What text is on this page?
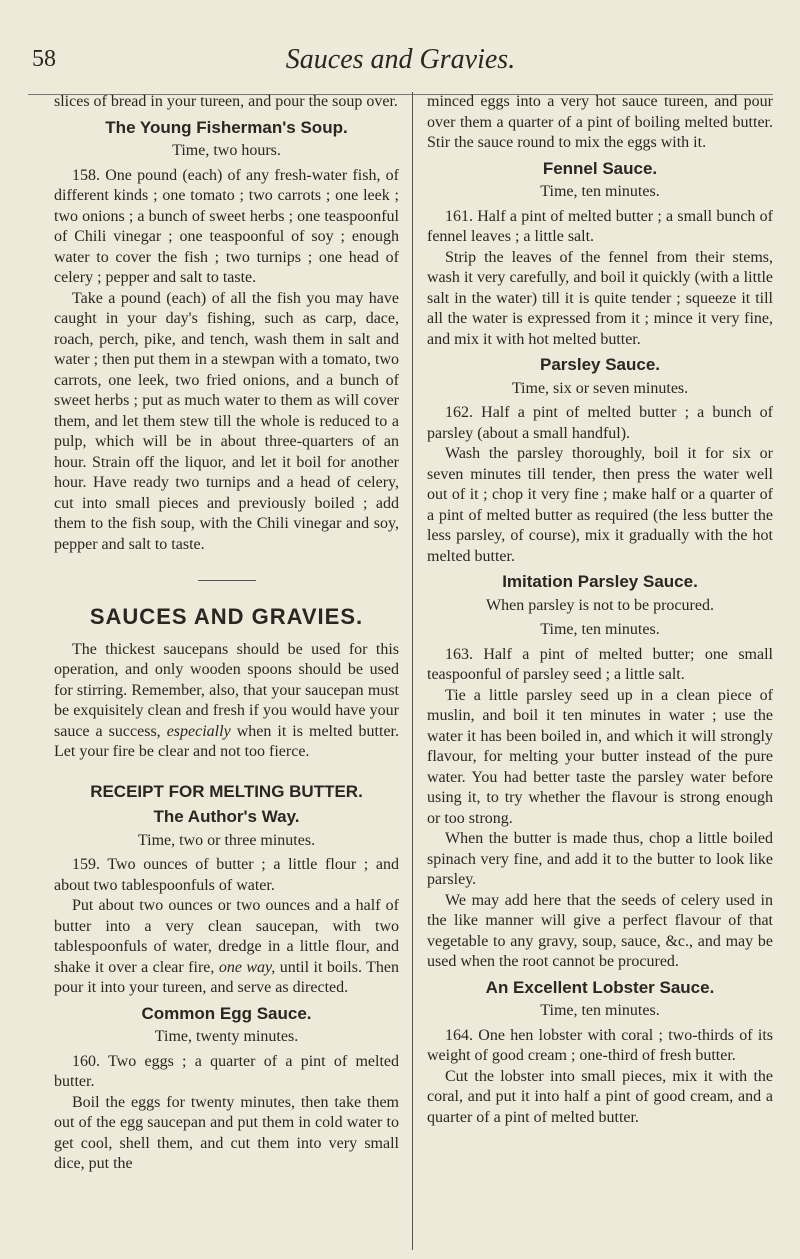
58	Sauces and Gravies.

slices of bread in your tureen, and pour the soup over.

The Young Fisherman's Soup.
Time, two hours.

158. One pound (each) of any fresh-water fish, of different kinds ; one tomato ; two carrots ; one leek ; two onions ; a bunch of sweet herbs ; one teaspoonful of Chili vinegar ; one teaspoonful of soy ; enough water to cover the fish ; two turnips ; one head of celery ; pepper and salt to taste.

Take a pound (each) of all the fish you may have caught in your day's fishing, such as carp, dace, roach, perch, pike, and tench, wash them in salt and water ; then put them in a stewpan with a tomato, two carrots, one leek, two fried onions, and a bunch of sweet herbs ; put as much water to them as will cover them, and let them stew till the whole is reduced to a pulp, which will be in about three-quarters of an hour. Strain off the liquor, and let it boil for another hour. Have ready two turnips and a head of celery, cut into small pieces and previously boiled ; add them to the fish soup, with the Chili vinegar and soy, pepper and salt to taste.

SAUCES AND GRAVIES.

The thickest saucepans should be used for this operation, and only wooden spoons should be used for stirring. Remember, also, that your saucepan must be exquisitely clean and fresh if you would have your sauce a success, especially when it is melted butter. Let your fire be clear and not too fierce.

RECEIPT FOR MELTING BUTTER.
The Author's Way.
Time, two or three minutes.

159. Two ounces of butter ; a little flour ; and about two tablespoonfuls of water.

Put about two ounces or two ounces and a half of butter into a very clean saucepan, with two tablespoonfuls of water, dredge in a little flour, and shake it over a clear fire, one way, until it boils. Then pour it into your tureen, and serve as directed.

Common Egg Sauce.
Time, twenty minutes.

160. Two eggs ; a quarter of a pint of melted butter.

Boil the eggs for twenty minutes, then take them out of the egg saucepan and put them in cold water to get cool, shell them, and cut them into very small dice, put the

minced eggs into a very hot sauce tureen, and pour over them a quarter of a pint of boiling melted butter. Stir the sauce round to mix the eggs with it.

Fennel Sauce.
Time, ten minutes.

161. Half a pint of melted butter ; a small bunch of fennel leaves ; a little salt.

Strip the leaves of the fennel from their stems, wash it very carefully, and boil it quickly (with a little salt in the water) till it is quite tender ; squeeze it till all the water is expressed from it ; mince it very fine, and mix it with hot melted butter.

Parsley Sauce.
Time, six or seven minutes.

162. Half a pint of melted butter ; a bunch of parsley (about a small handful).

Wash the parsley thoroughly, boil it for six or seven minutes till tender, then press the water well out of it ; chop it very fine ; make half or a quarter of a pint of melted butter as required (the less butter the less parsley, of course), mix it gradually with the hot melted butter.

Imitation Parsley Sauce.
When parsley is not to be procured.
Time, ten minutes.

163. Half a pint of melted butter; one small teaspoonful of parsley seed ; a little salt.

Tie a little parsley seed up in a clean piece of muslin, and boil it ten minutes in water ; use the water it has been boiled in, and which it will strongly flavour, for melting your butter instead of the pure water. You had better taste the parsley water before using it, to try whether the flavour is strong enough or too strong.

When the butter is made thus, chop a little boiled spinach very fine, and add it to the butter to look like parsley.

We may add here that the seeds of celery used in the like manner will give a perfect flavour of that vegetable to any gravy, soup, sauce, &c., and may be used when the root cannot be procured.

An Excellent Lobster Sauce.
Time, ten minutes.

164. One hen lobster with coral ; two-thirds of its weight of good cream ; one-third of fresh butter.

Cut the lobster into small pieces, mix it with the coral, and put it into half a pint of good cream, and a quarter of a pint of melted butter.
